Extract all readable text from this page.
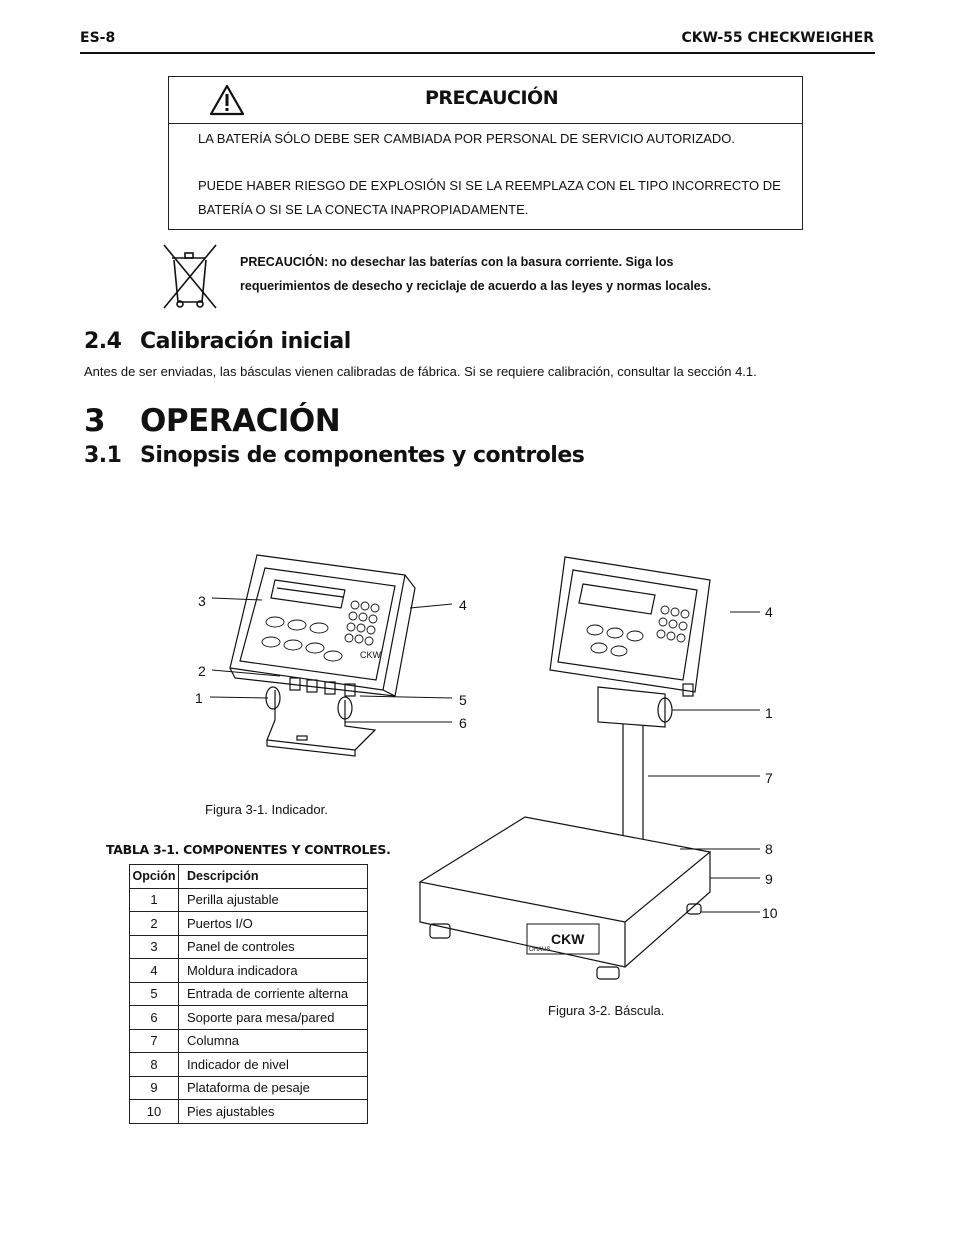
ES-8	CKW-55 CHECKWEIGHER
PRECAUCIÓN
LA BATERÍA SÓLO DEBE SER CAMBIADA POR PERSONAL DE SERVICIO AUTORIZADO.
PUEDE HABER RIESGO DE EXPLOSIÓN SI SE LA REEMPLAZA CON EL TIPO INCORRECTO DE
BATERÍA O SI SE LA CONECTA INAPROPIADAMENTE.
PRECAUCIÓN: no desechar las baterías con la basura corriente. Siga los
requerimientos de desecho y reciclaje de acuerdo a las leyes y normas locales.
2.4 Calibración inicial
Antes de ser enviadas, las básculas vienen calibradas de fábrica. Si se requiere calibración, consultar la sección 4.1.
3 OPERACIÓN
3.1 Sinopsis de componentes y controles
CKW
3
2
1
4
5
6
Figura 3-1. Indicador.
CKW
OHAUS
4
1
7
8
9
10
Figura 3-2. Báscula.
TABLA 3-1. COMPONENTES Y CONTROLES.
Opción	Descripción
1	Perilla ajustable
2	Puertos I/O
3	Panel de controles
4	Moldura indicadora
5	Entrada de corriente alterna
6	Soporte para mesa/pared
7	Columna
8	Indicador de nivel
9	Plataforma de pesaje
10	Pies ajustables
